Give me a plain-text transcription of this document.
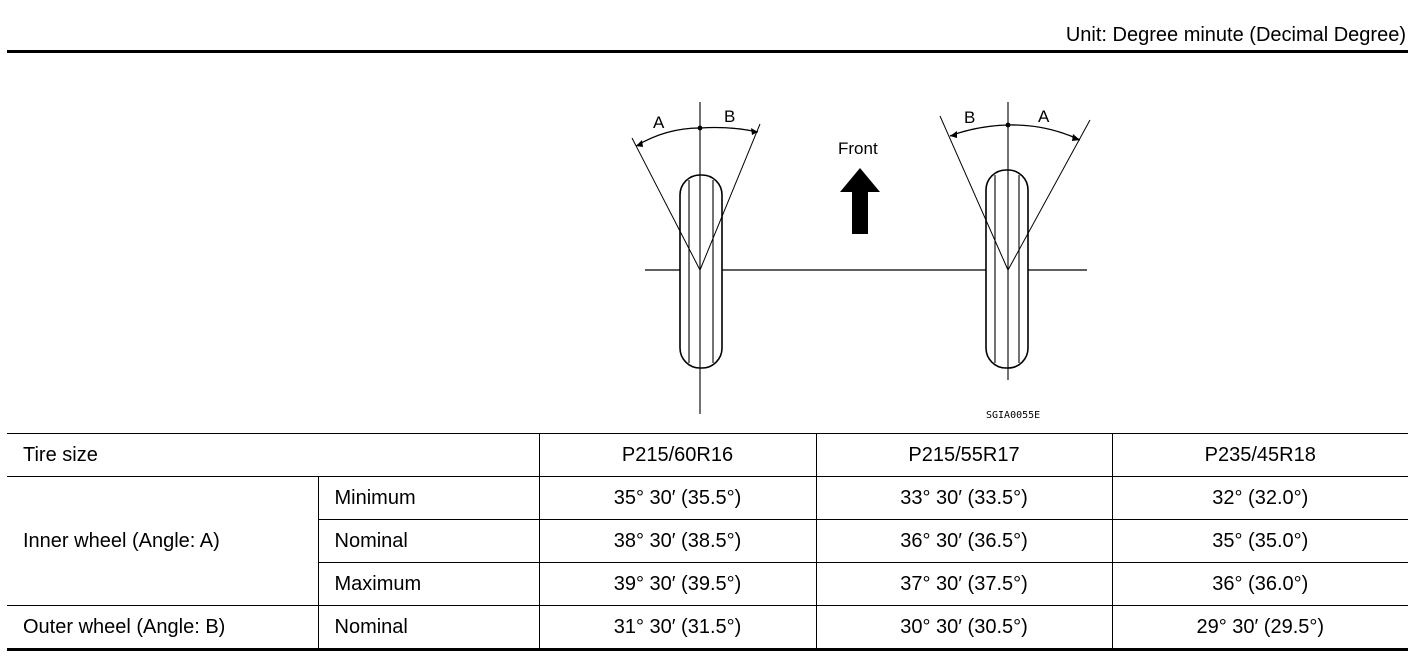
Unit: Degree minute (Decimal Degree)
A	B
Front
B	A
SGIA0055E
Tire size		P215/60R16	P215/55R17	P235/45R18
Inner wheel (Angle: A)	Minimum	35° 30′ (35.5°)	33° 30′ (33.5°)	32° (32.0°)
	Nominal	38° 30′ (38.5°)	36° 30′ (36.5°)	35° (35.0°)
	Maximum	39° 30′ (39.5°)	37° 30′ (37.5°)	36° (36.0°)
Outer wheel (Angle: B)	Nominal	31° 30′ (31.5°)	30° 30′ (30.5°)	29° 30′ (29.5°)
